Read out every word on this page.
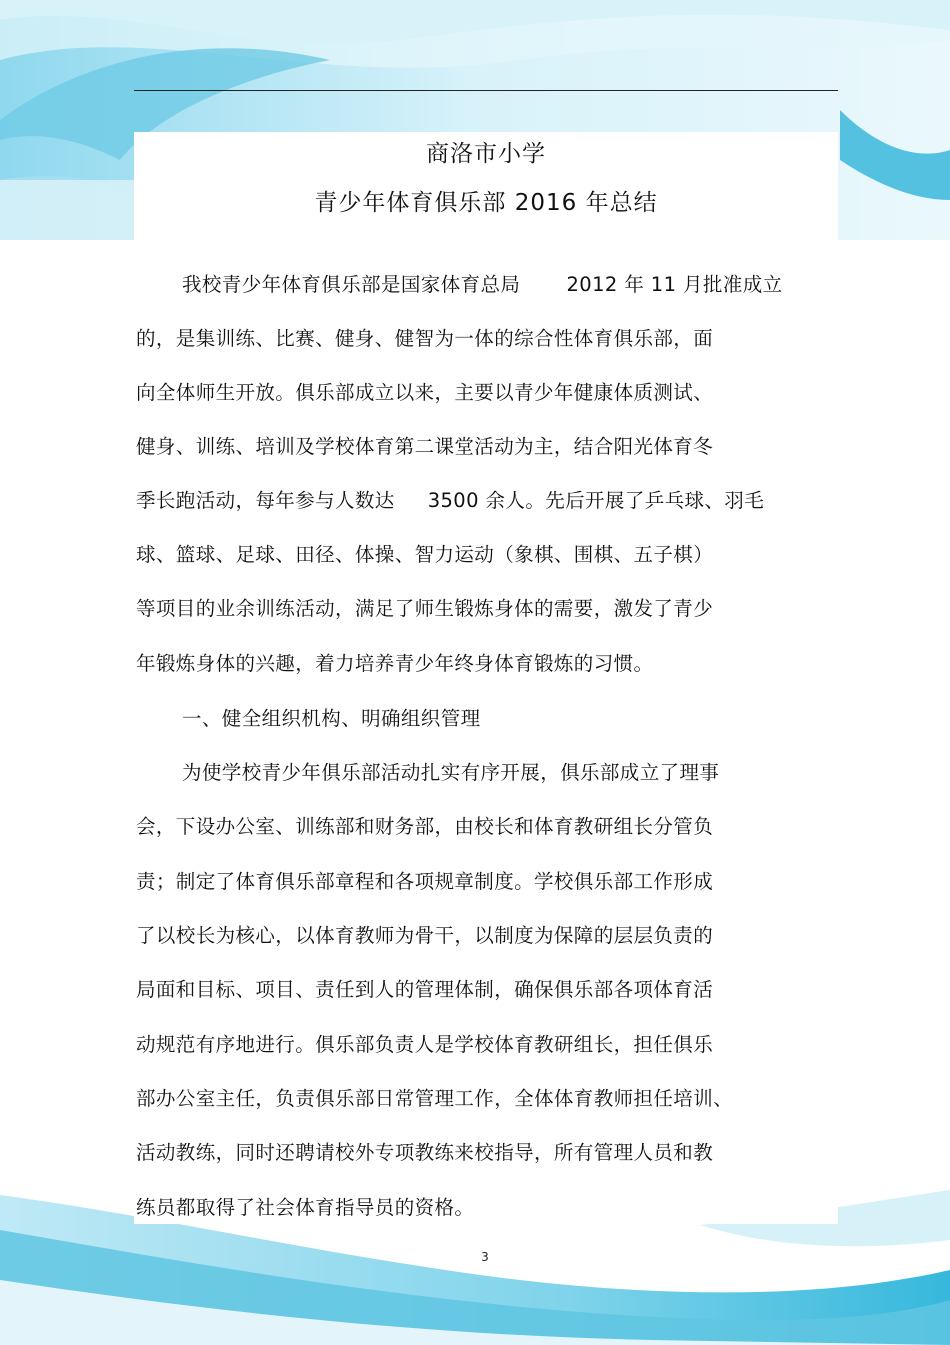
商洛市小学
青少年体育俱乐部 2016 年总结
我校青少年体育俱乐部是国家体育总局       2012 年 11 月批准成立
的，是集训练、比赛、健身、健智为一体的综合性体育俱乐部，面
向全体师生开放。俱乐部成立以来，主要以青少年健康体质测试、
健身、训练、培训及学校体育第二课堂活动为主，结合阳光体育冬
季长跑活动，每年参与人数达     3500 余人。先后开展了乒乓球、羽毛
球、篮球、足球、田径、体操、智力运动（象棋、围棋、五子棋）
等项目的业余训练活动，满足了师生锻炼身体的需要，激发了青少
年锻炼身体的兴趣，着力培养青少年终身体育锻炼的习惯。
一、健全组织机构、明确组织管理
为使学校青少年俱乐部活动扎实有序开展，俱乐部成立了理事
会，下设办公室、训练部和财务部，由校长和体育教研组长分管负
责；制定了体育俱乐部章程和各项规章制度。学校俱乐部工作形成
了以校长为核心，以体育教师为骨干，以制度为保障的层层负责的
局面和目标、项目、责任到人的管理体制，确保俱乐部各项体育活
动规范有序地进行。俱乐部负责人是学校体育教研组长，担任俱乐
部办公室主任，负责俱乐部日常管理工作，全体体育教师担任培训、
活动教练，同时还聘请校外专项教练来校指导，所有管理人员和教
练员都取得了社会体育指导员的资格。
3
